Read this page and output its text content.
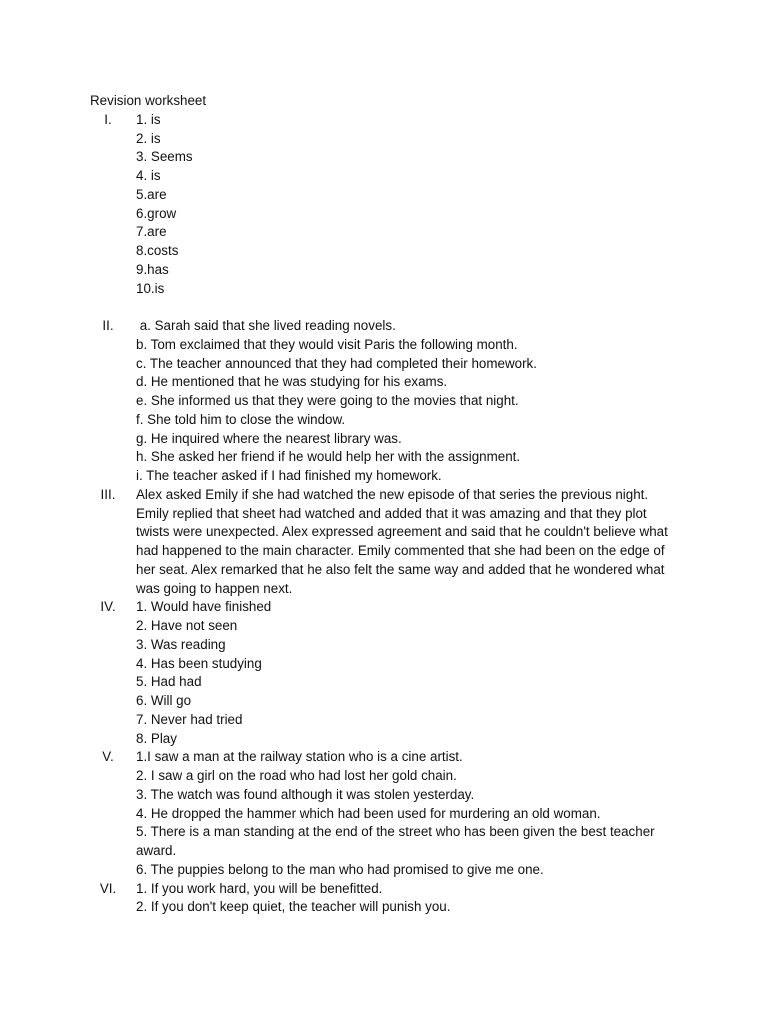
Revision worksheet

I.	1. is
2. is
3. Seems
4. is
5.are
6.grow
7.are
8.costs
9.has
10.is
II.	a. Sarah said that she lived reading novels.
b. Tom exclaimed that they would visit Paris the following month.
c. The teacher announced that they had completed their homework.
d. He mentioned that he was studying for his exams.
e. She informed us that they were going to the movies that night.
f. She told him to close the window.
g. He inquired where the nearest library was.
h. She asked her friend if he would help her with the assignment.
i. The teacher asked if I had finished my homework.
III.	Alex asked Emily if she had watched the new episode of that series the previous night. Emily replied that sheet had watched and added that it was amazing and that they plot twists were unexpected. Alex expressed agreement and said that he couldn't believe what had happened to the main character. Emily commented that she had been on the edge of her seat. Alex remarked that he also felt the same way and added that he wondered what was going to happen next.
IV.	1. Would have finished
2. Have not seen
3. Was reading
4. Has been studying
5. Had had
6. Will go
7. Never had tried
8. Play
V.	1.I saw a man at the railway station who is a cine artist.
2. I saw a girl on the road who had lost her gold chain.
3. The watch was found although it was stolen yesterday.
4. He dropped the hammer which had been used for murdering an old woman.
5. There is a man standing at the end of the street who has been given the best teacher award.
6. The puppies belong to the man who had promised to give me one.
VI.	1. If you work hard, you will be benefitted.
2. If you don't keep quiet, the teacher will punish you.
